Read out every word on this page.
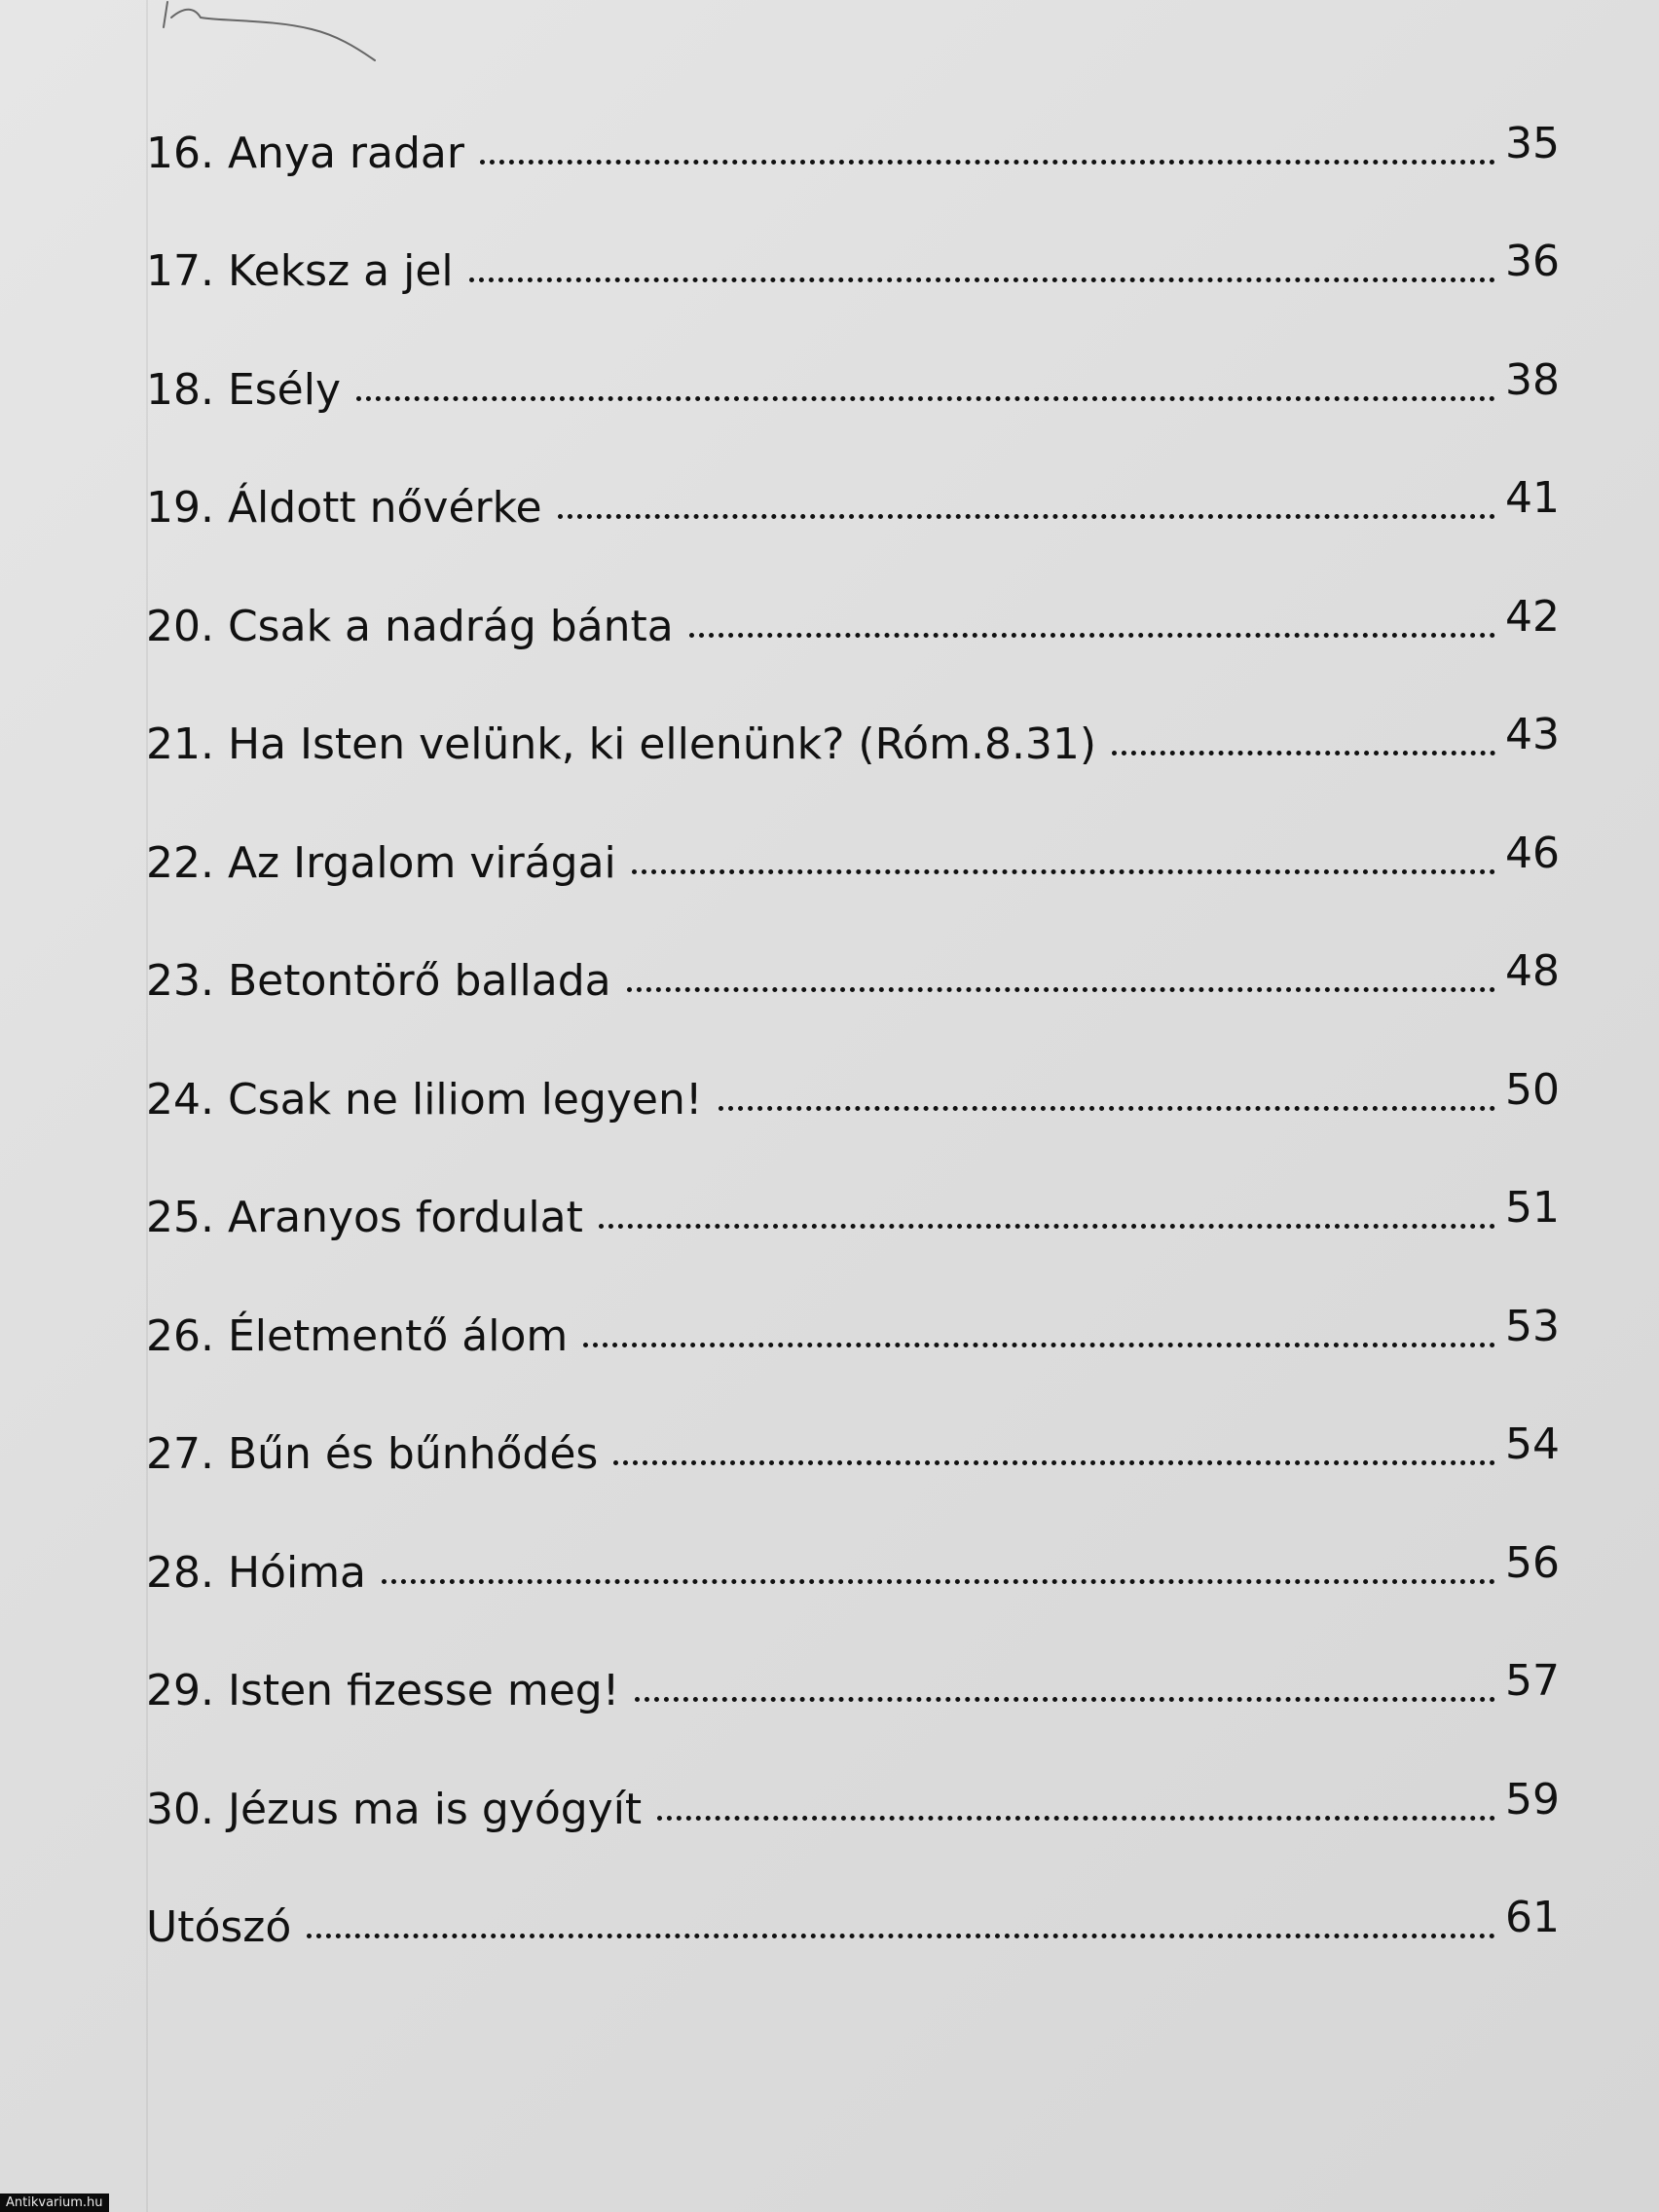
16. Anya radar	35
17. Keksz a jel	36
18. Esély	38
19. Áldott nővérke	41
20. Csak a nadrág bánta	42
21. Ha Isten velünk, ki ellenünk? (Róm.8.31)	43
22. Az Irgalom virágai	46
23. Betontörő ballada	48
24. Csak ne liliom legyen!	50
25. Aranyos fordulat	51
26. Életmentő álom	53
27. Bűn és bűnhődés	54
28. Hóima	56
29. Isten fizesse meg!	57
30. Jézus ma is gyógyít	59
Utószó	61
Antikvarium.hu
